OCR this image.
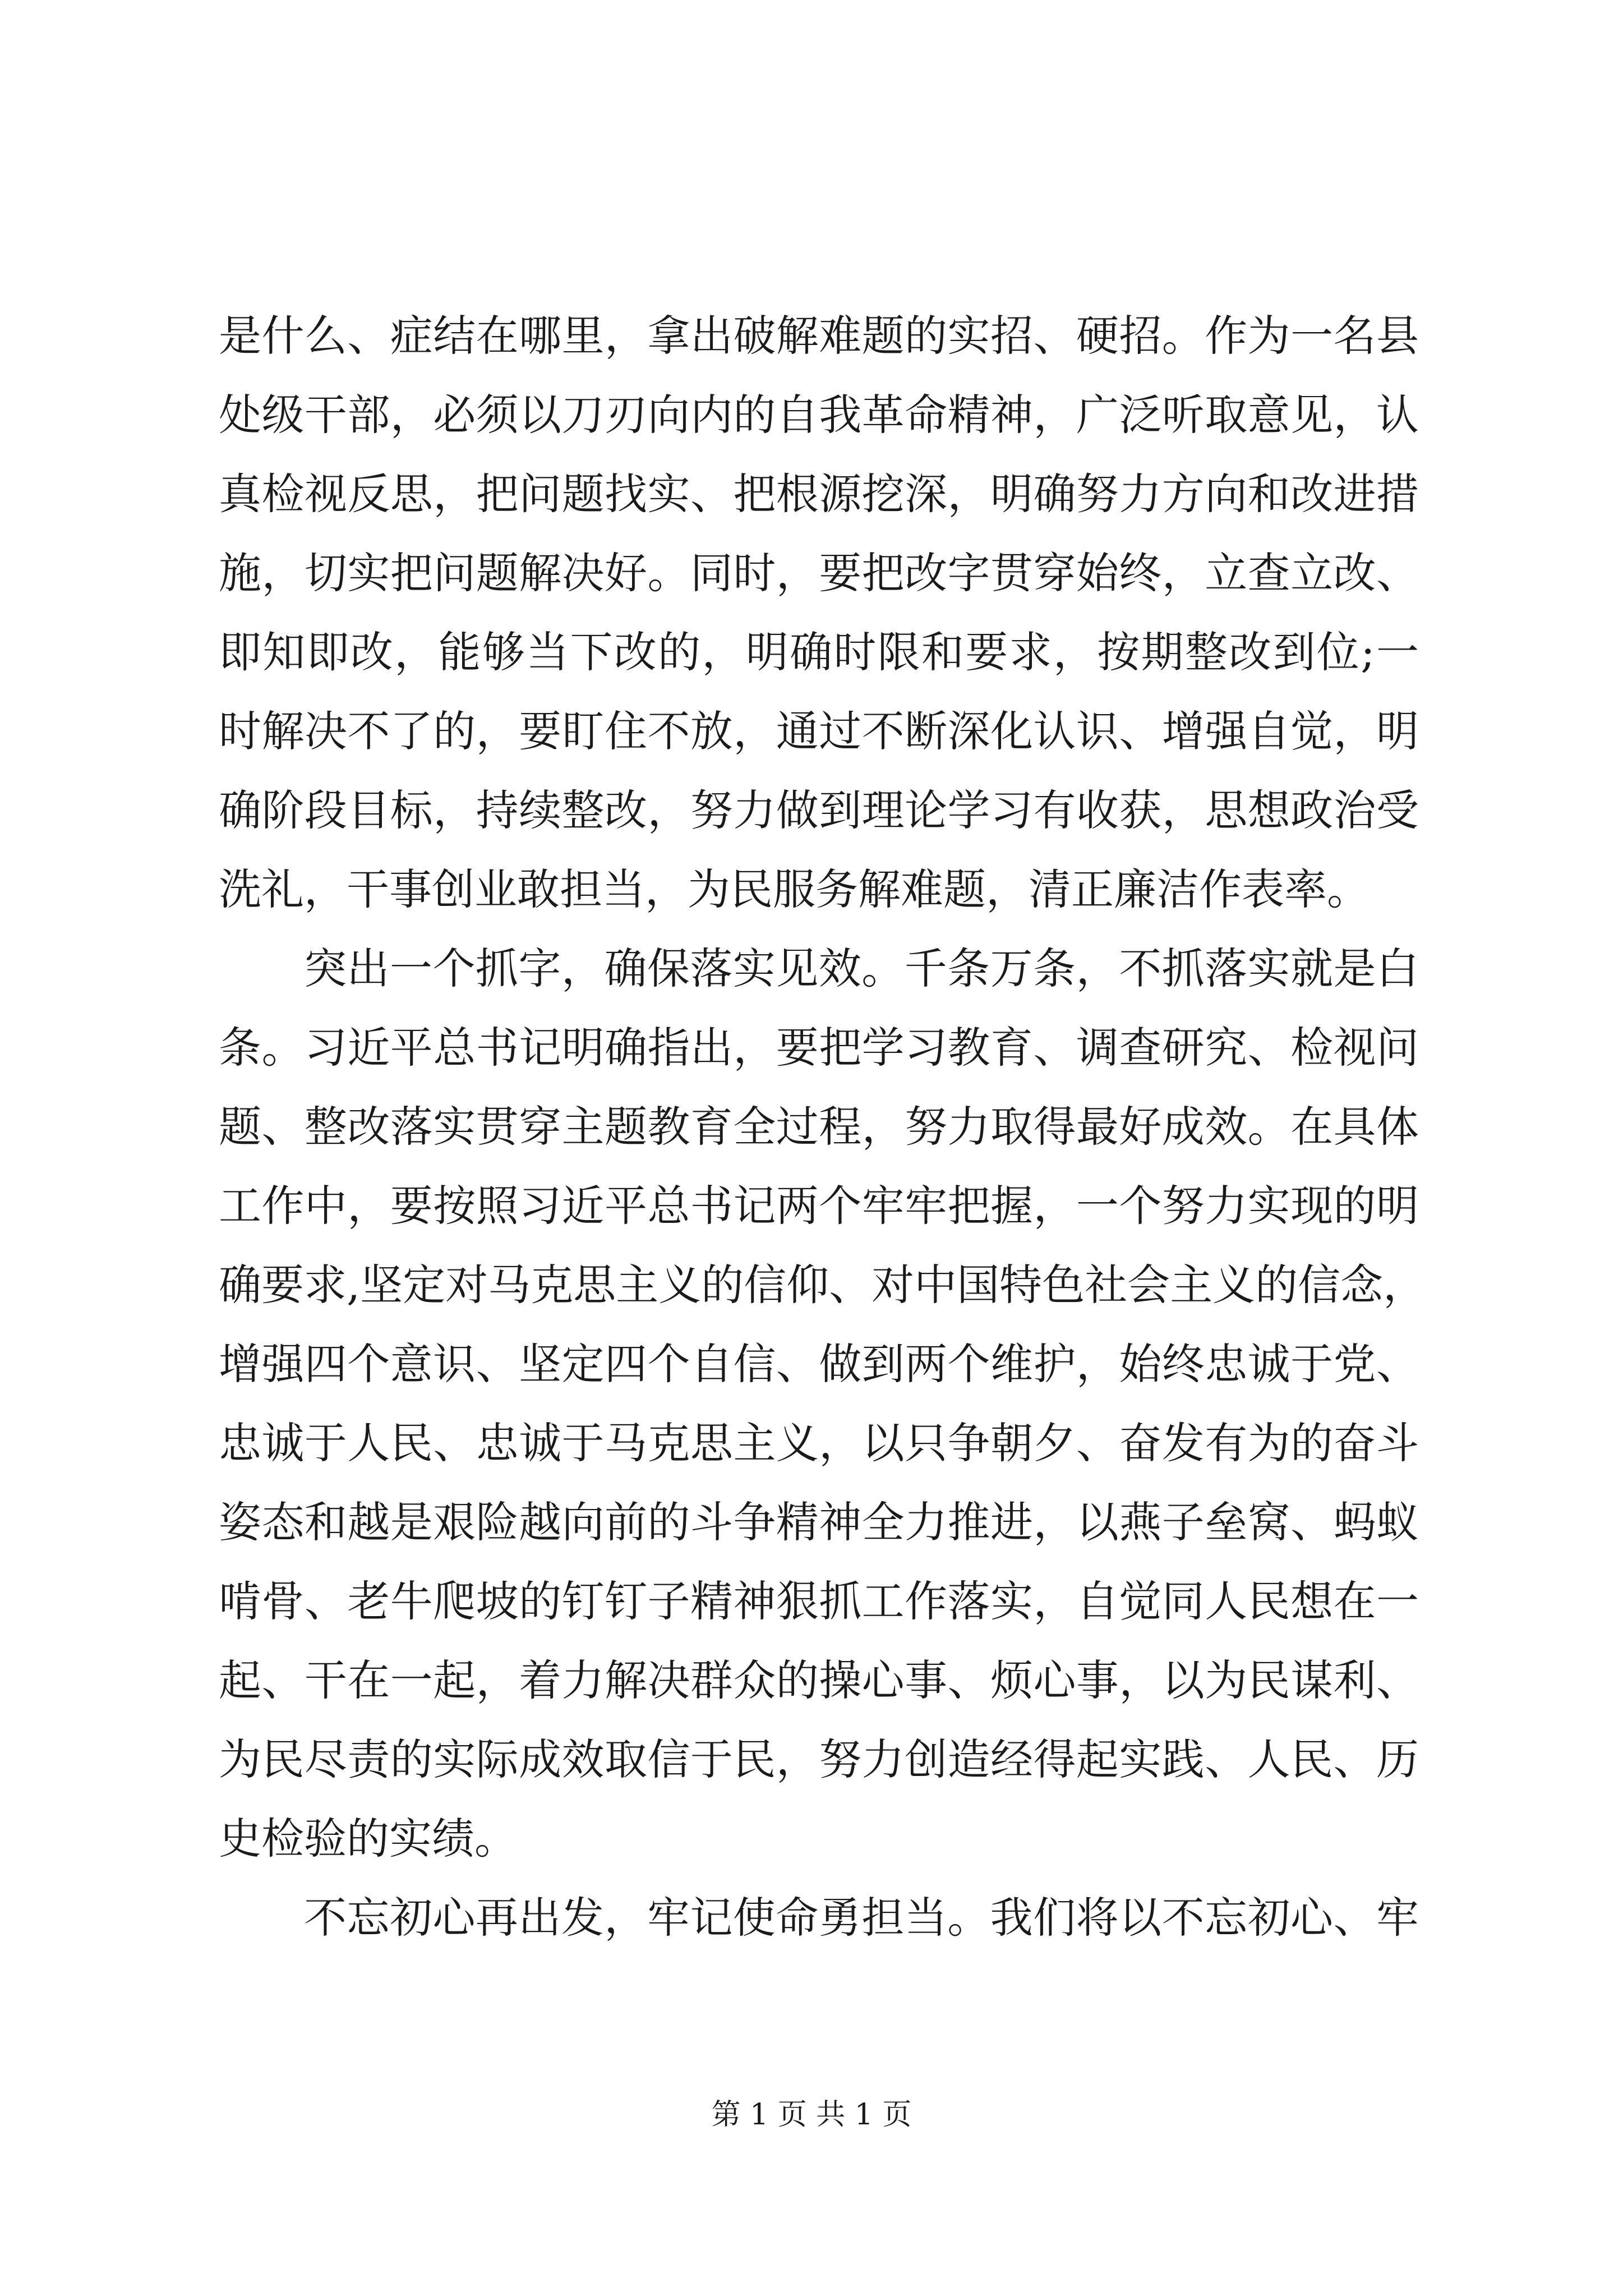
是什么、症结在哪里，拿出破解难题的实招、硬招。作为一名县
处级干部，必须以刀刃向内的自我革命精神，广泛听取意见，认
真检视反思，把问题找实、把根源挖深，明确努力方向和改进措
施，切实把问题解决好。同时，要把改字贯穿始终，立查立改、
即知即改，能够当下改的，明确时限和要求，按期整改到位;一
时解决不了的，要盯住不放，通过不断深化认识、增强自觉，明
确阶段目标，持续整改，努力做到理论学习有收获，思想政治受
洗礼，干事创业敢担当，为民服务解难题，清正廉洁作表率。
突出一个抓字，确保落实见效。千条万条，不抓落实就是白
条。习近平总书记明确指出，要把学习教育、调查研究、检视问
题、整改落实贯穿主题教育全过程，努力取得最好成效。在具体
工作中，要按照习近平总书记两个牢牢把握，一个努力实现的明
确要求,坚定对马克思主义的信仰、对中国特色社会主义的信念，
增强四个意识、坚定四个自信、做到两个维护，始终忠诚于党、
忠诚于人民、忠诚于马克思主义，以只争朝夕、奋发有为的奋斗
姿态和越是艰险越向前的斗争精神全力推进，以燕子垒窝、蚂蚁
啃骨、老牛爬坡的钉钉子精神狠抓工作落实，自觉同人民想在一
起、干在一起，着力解决群众的操心事、烦心事，以为民谋利、
为民尽责的实际成效取信于民，努力创造经得起实践、人民、历
史检验的实绩。
不忘初心再出发，牢记使命勇担当。我们将以不忘初心、牢
第 1 页 共 1 页
